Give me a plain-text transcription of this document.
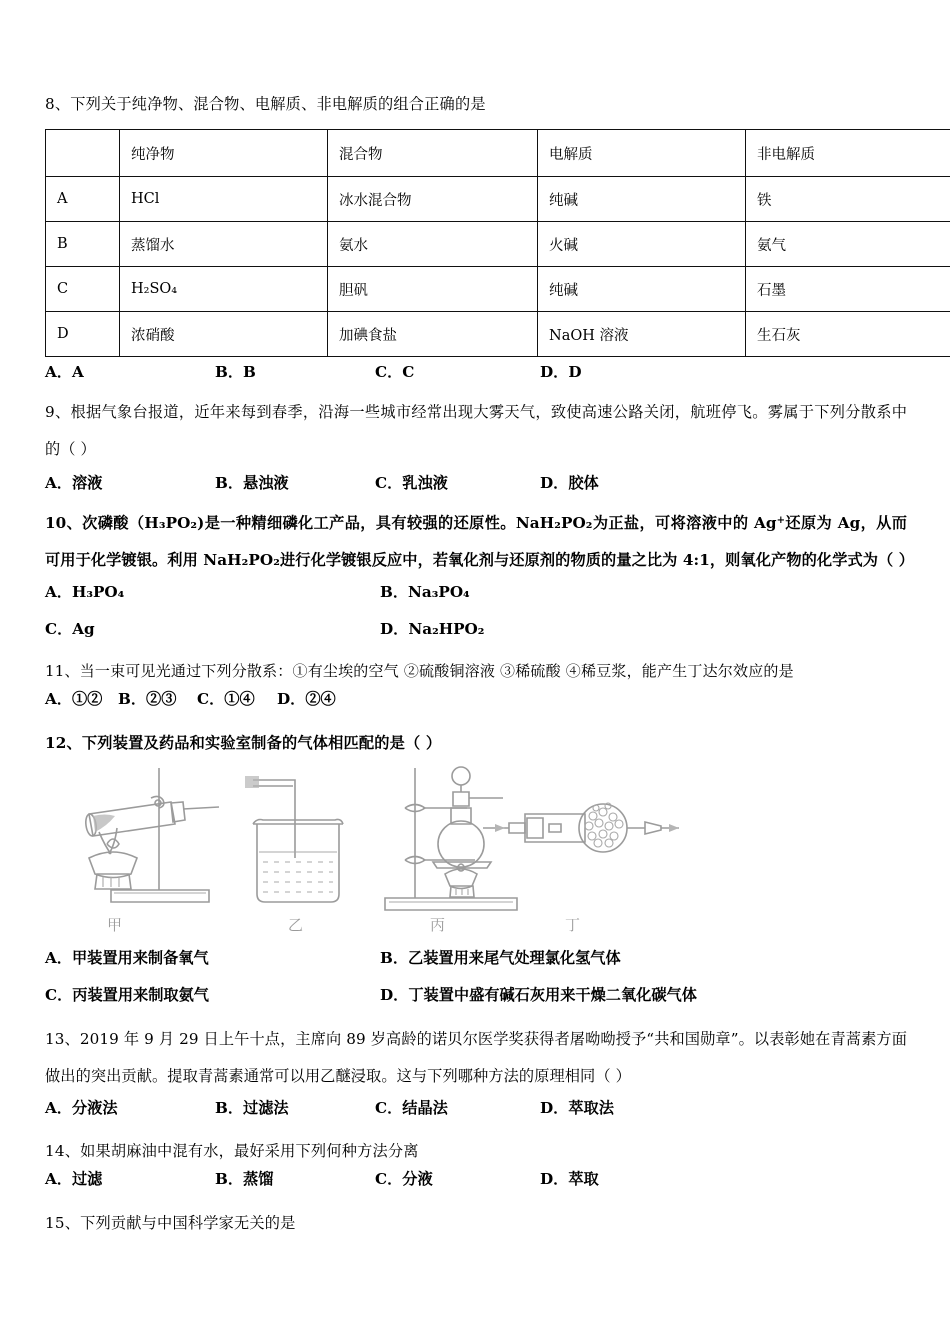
8、下列关于纯净物、混合物、电解质、非电解质的组合正确的是
	纯净物	混合物	电解质	非电解质
A	HCl	冰水混合物	纯碱	铁
B	蒸馏水	氨水	火碱	氨气
C	H₂SO₄	胆矾	纯碱	石墨
D	浓硝酸	加碘食盐	NaOH 溶液	生石灰
A．A	B．B	C．C	D．D
9、根据气象台报道，近年来每到春季，沿海一些城市经常出现大雾天气，致使高速公路关闭，航班停飞。雾属于下列分散系中的（ ）
A．溶液	B．悬浊液	C．乳浊液	D．胶体
10、次磷酸（H₃PO₂)是一种精细磷化工产品，具有较强的还原性。NaH₂PO₂为正盐，可将溶液中的 Ag+还原为 Ag，从而可用于化学镀银。利用 NaH₂PO₂进行化学镀银反应中，若氧化剂与还原剂的物质的量之比为 4:1，则氧化产物的化学式为（ ）
A．H₃PO₄	B．Na₃PO₄
C．Ag	D．Na₂HPO₂
11、当一束可见光通过下列分散系：①有尘埃的空气 ②硫酸铜溶液 ③稀硫酸 ④稀豆浆，能产生丁达尔效应的是
A．①② B．②③ C．①④ D．②④
12、下列装置及药品和实验室制备的气体相匹配的是（ ）
甲	乙	丙	丁
A．甲装置用来制备氧气	B．乙装置用来尾气处理氯化氢气体
C．丙装置用来制取氨气	D．丁装置中盛有碱石灰用来干燥二氧化碳气体
13、2019 年 9 月 29 日上午十点，主席向 89 岁高龄的诺贝尔医学奖获得者屠呦呦授予“共和国勋章”。以表彰她在青蒿素方面做出的突出贡献。提取青蒿素通常可以用乙醚浸取。这与下列哪种方法的原理相同（ ）
A．分液法	B．过滤法	C．结晶法	D．萃取法
14、如果胡麻油中混有水，最好采用下列何种方法分离
A．过滤	B．蒸馏	C．分液	D．萃取
15、下列贡献与中国科学家无关的是
